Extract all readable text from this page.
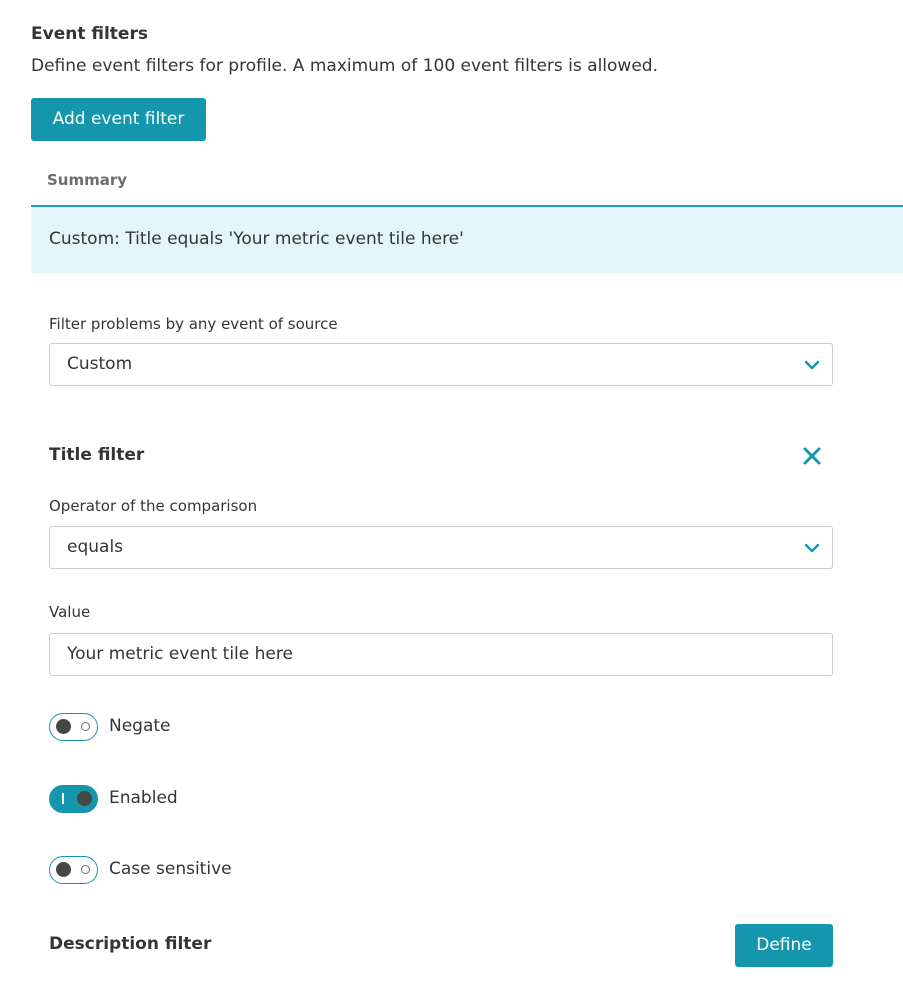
Event filters
Define event filters for profile. A maximum of 100 event filters is allowed.
Add event filter
Summary
Custom: Title equals 'Your metric event tile here'
Filter problems by any event of source
Custom
Title filter
Operator of the comparison
equals
Value
Your metric event tile here
Negate
Enabled
Case sensitive
Description filter	Define
